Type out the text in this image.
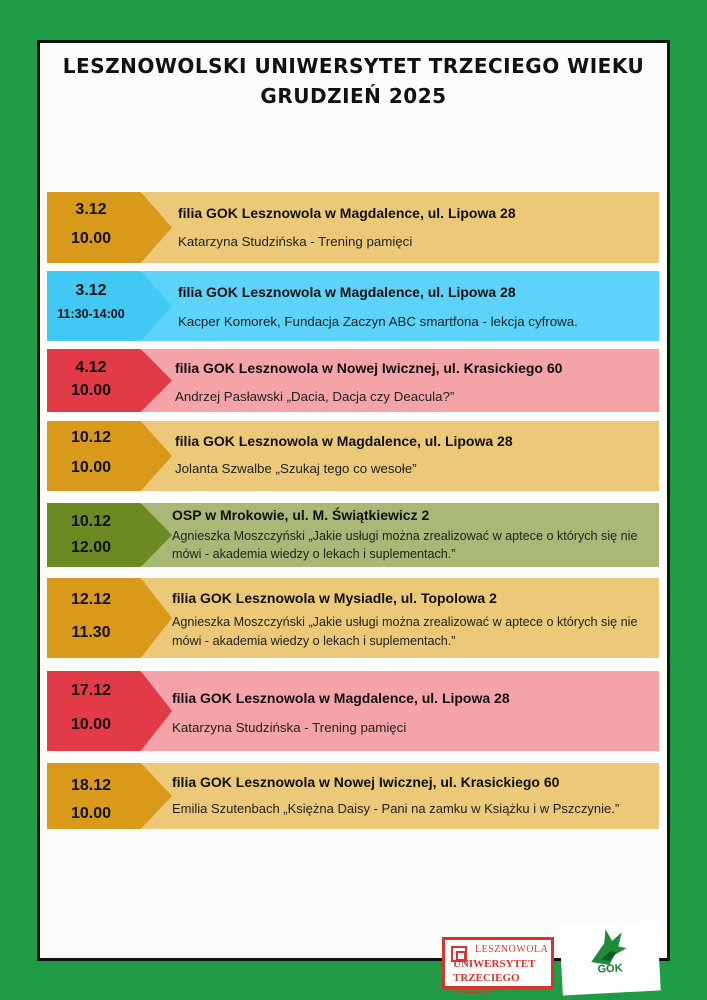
LESZNOWOLSKI UNIWERSYTET TRZECIEGO WIEKU
GRUDZIEŃ 2025
3.12
10.00
filia GOK Lesznowola w Magdalence, ul. Lipowa 28
Katarzyna Studzińska - Trening pamięci
3.12
11:30-14:00
filia GOK Lesznowola w Magdalence, ul. Lipowa 28
Kacper Komorek, Fundacja Zaczyn ABC smartfona - lekcja cyfrowa.
4.12
10.00
filia GOK Lesznowola w Nowej Iwicznej, ul. Krasickiego 60
Andrzej Pasławski „Dacia, Dacja czy Deacula?”
10.12
10.00
filia GOK Lesznowola w Magdalence, ul. Lipowa 28
Jolanta Szwalbe „Szukaj tego co wesołe”
10.12
12.00
OSP w Mrokowie, ul. M. Świątkiewicz 2
Agnieszka Moszczyński „Jakie usługi można zrealizować w aptece o których się nie mówi - akademia wiedzy o lekach i suplementach.”
12.12
11.30
filia GOK Lesznowola w Mysiadle, ul. Topolowa 2
Agnieszka Moszczyński „Jakie usługi można zrealizować w aptece o których się nie mówi - akademia wiedzy o lekach i suplementach.”
17.12
10.00
filia GOK Lesznowola w Magdalence, ul. Lipowa 28
Katarzyna Studzińska - Trening pamięci
18.12
10.00
filia GOK Lesznowola w Nowej Iwicznej, ul. Krasickiego 60
Emilia Szutenbach „Księżna Daisy - Pani na zamku w Książku i w Pszczynie.”
LESZNOWOLA
UNIWERSYTET
TRZECIEGO WIEKU
GOK
